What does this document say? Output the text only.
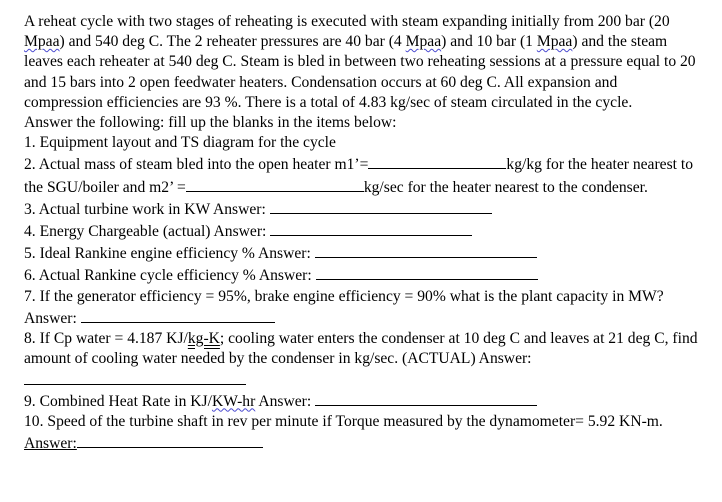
A reheat cycle with two stages of reheating is executed with steam expanding initially from 200 bar (20 Mpaa) and 540 deg C. The 2 reheater pressures are 40 bar (4 Mpaa) and 10 bar (1 Mpaa) and the steam leaves each reheater at 540 deg C. Steam is bled in between two reheating sessions at a pressure equal to 20 and 15 bars into 2 open feedwater heaters. Condensation occurs at 60 deg C. All expansion and compression efficiencies are 93 %. There is a total of 4.83 kg/sec of steam circulated in the cycle.

Answer the following: fill up the blanks in the items below:

1. Equipment layout and TS diagram for the cycle

2. Actual mass of steam bled into the open heater m1’=	kg/kg for the heater nearest to the SGU/boiler and m2’ =	kg/sec for the heater nearest to the condenser.

3. Actual turbine work in KW Answer:

4. Energy Chargeable (actual) Answer:

5. Ideal Rankine engine efficiency % Answer:

6. Actual Rankine cycle efficiency % Answer:

7. If the generator efficiency = 95%, brake engine efficiency = 90% what is the plant capacity in MW? Answer:

8. If Cp water = 4.187 KJ/kg-K; cooling water enters the condenser at 10 deg C and leaves at 21 deg C, find amount of cooling water needed by the condenser in kg/sec. (ACTUAL) Answer:

9. Combined Heat Rate in KJ/KW-hr Answer:

10. Speed of the turbine shaft in rev per minute if Torque measured by the dynamometer= 5.92 KN-m. Answer:
